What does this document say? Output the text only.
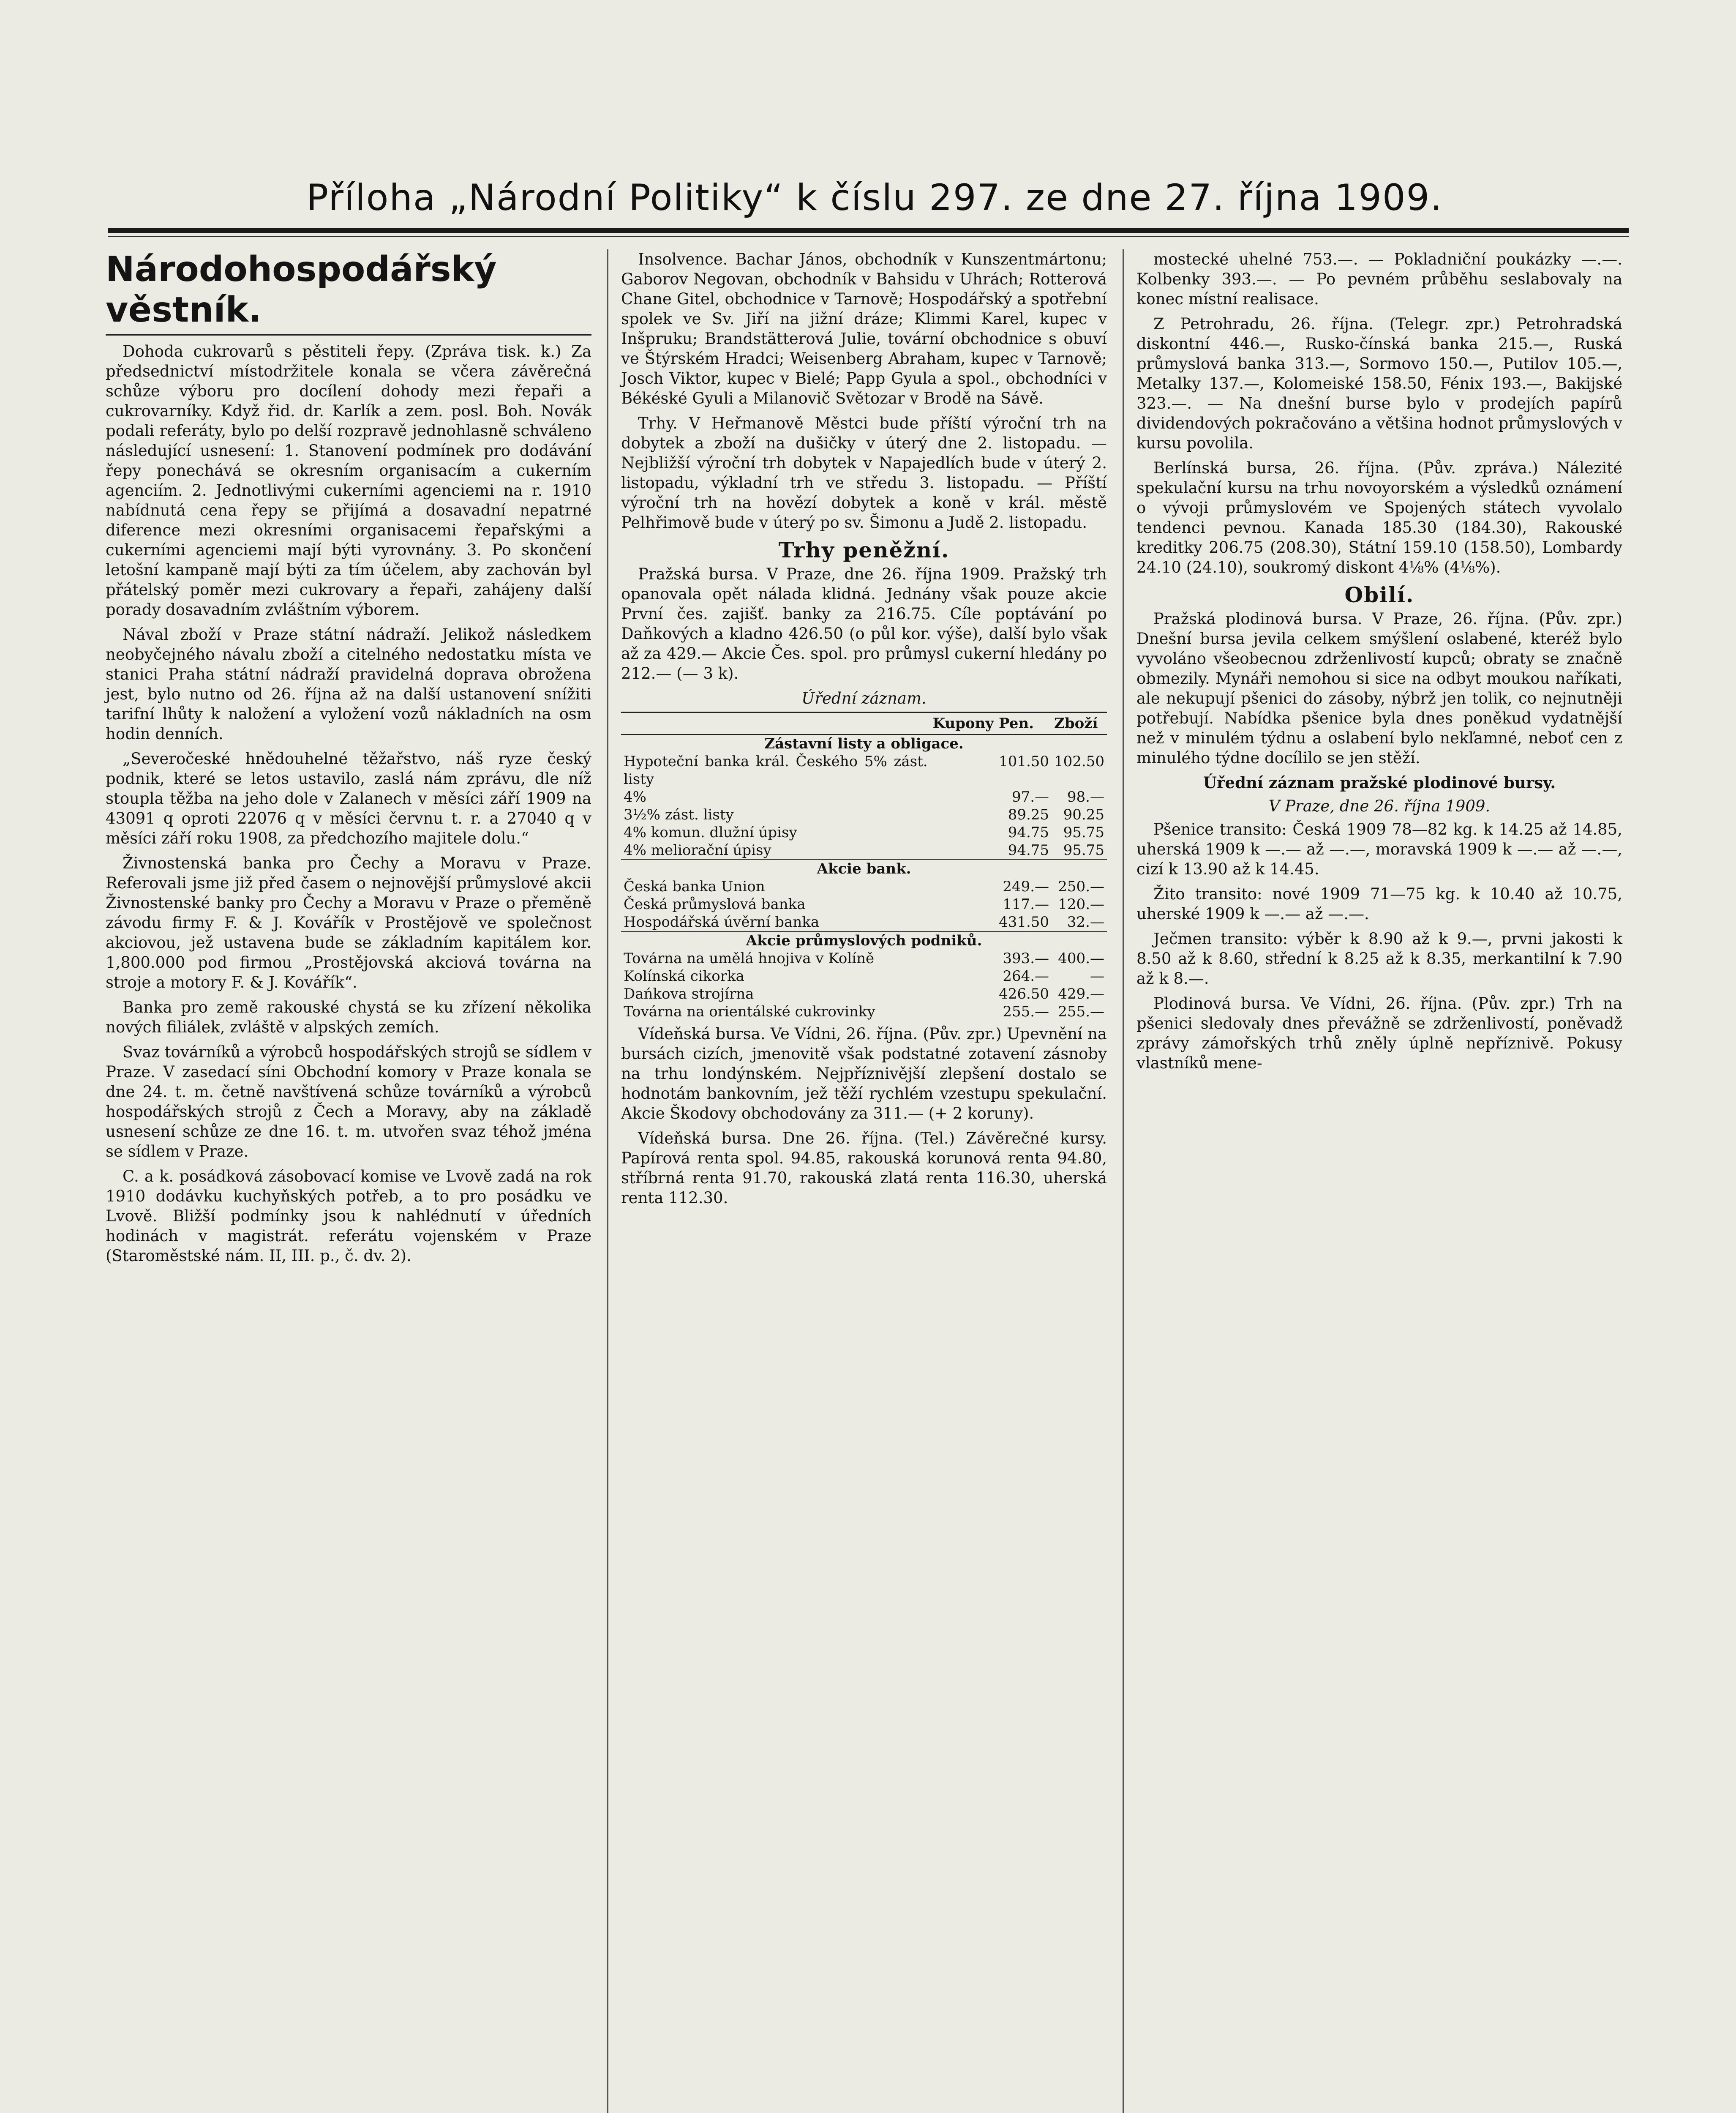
Příloha „Národní Politiky“ k číslu 297. ze dne 27. října 1909.
Národohospodářský věstník.

Dohoda cukrovarů s pěstiteli řepy. (Zpráva tisk. k.) Za předsednictví místodržitele konala se včera závěrečná schůze výboru pro docílení dohody mezi řepaři a cukrovarníky. Když řid. dr. Karlík a zem. posl. Boh. Novák podali referáty, bylo po delší rozpravě jednohlasně schváleno následující usnesení: 1. Stanovení podmínek pro dodávání řepy ponechává se okresním organisacím a cukerním agenciím. 2. Jednotlivými cukerními agenciemi na r. 1910 nabídnutá cena řepy se přijímá a dosavadní nepatrné diference mezi okresními organisacemi řepařskými a cukerními agenciemi mají býti vyrovnány. 3. Po skončení letošní kampaně mají býti za tím účelem, aby zachován byl přátelský poměr mezi cukrovary a řepaři, zahájeny další porady dosavadním zvláštním výborem.

Nával zboží v Praze státní nádraží. Jelikož následkem neobyčejného návalu zboží a citelného nedostatku místa ve stanici Praha státní nádraží pravidelná doprava obrožena jest, bylo nutno od 26. října až na další ustanovení snížiti tarifní lhůty k naložení a vyložení vozů nákladních na osm hodin denních.

„Severočeské hnědouhelné těžařstvo, náš ryze český podnik, které se letos ustavilo, zaslá nám zprávu, dle níž stoupla těžba na jeho dole v Zalanech v měsíci září 1909 na 43091 q oproti 22076 q v měsíci červnu t. r. a 27040 q v měsíci září roku 1908, za předchozího majitele dolu.“

Živnostenská banka pro Čechy a Moravu v Praze. Referovali jsme již před časem o nejnovější průmyslové akcii Živnostenské banky pro Čechy a Moravu v Praze o přeměně závodu firmy F. & J. Kovářík v Prostějově ve společnost akciovou, jež ustavena bude se základním kapitálem kor. 1,800.000 pod firmou „Prostějovská akciová továrna na stroje a motory F. & J. Kovářík“.

Banka pro země rakouské chystá se ku zřízení několika nových filiálek, zvláště v alpských zemích.

Svaz továrníků a výrobců hospodářských strojů se sídlem v Praze. V zasedací síni Obchodní komory v Praze konala se dne 24. t. m. četně navštívená schůze továrníků a výrobců hospodářských strojů z Čech a Moravy, aby na základě usnesení schůze ze dne 16. t. m. utvořen svaz téhož jména se sídlem v Praze.

C. a k. posádková zásobovací komise ve Lvově zadá na rok 1910 dodávku kuchyňských potřeb, a to pro posádku ve Lvově. Bližší podmínky jsou k nahlédnutí v úředních hodinách v magistrát. referátu vojenském v Praze (Staroměstské nám. II, III. p., č. dv. 2).

Insolvence. Bachar János, obchodník v Kunszentmártonu; Gaborov Negovan, obchodník v Bahsidu v Uhrách; Rotterová Chane Gitel, obchodnice v Tarnově; Hospodářský a spotřební spolek ve Sv. Jiří na jižní dráze; Klimmi Karel, kupec v Inšpruku; Brandstätterová Julie, tovární obchodnice s obuví ve Štýrském Hradci; Weisenberg Abraham, kupec v Tarnově; Josch Viktor, kupec v Bielé; Papp Gyula a spol., obchodníci v Békéské Gyuli a Milanovič Světozar v Brodě na Sávě.

Trhy. V Heřmanově Městci bude příští výroční trh na dobytek a zboží na dušičky v úterý dne 2. listopadu. — Nejbližší výroční trh dobytek v Napajedlích bude v úterý 2. listopadu, výkladní trh ve středu 3. listopadu. — Příští výroční trh na hovězí dobytek a koně v král. městě Pelhřimově bude v úterý po sv. Šimonu a Judě 2. listopadu.

Trhy peněžní.

Pražská bursa. V Praze, dne 26. října 1909. Pražský trh opanovala opět nálada klidná. Jednány však pouze akcie První čes. zajišť. banky za 216.75. Cíle poptávání po Daňkových a kladno 426.50 (o půl kor. výše), další bylo však až za 429.— Akcie Čes. spol. pro průmysl cukerní hledány po 212.— (— 3 k).

Úřední záznam.
	Kupony	Pen.	Zboží
Zástavní listy a obligace.			
Hypoteční banka král. Českého 5% zást. listy		101.50	102.50
4%		97.—	98.—
3½% zást. listy		89.25	90.25
4% komun. dlužní úpisy		94.75	95.75
4% meliorační úpisy		94.75	95.75
Akcie bank.			
Česká banka Union		249.—	250.—
Česká průmyslová banka		117.—	120.—
Hospodářská úvěrní banka		431.50	32.—
Akcie průmyslových podniků.			
Továrna na umělá hnojiva v Kolíně		393.—	400.—
Kolínská cikorka		264.—	—
Dańkova strojírna		426.50	429.—
Továrna na orientálské cukrovinky		255.—	255.—

Vídeňská bursa. Ve Vídni, 26. října. (Pův. zpr.) Upevnění na bursách cizích, jmenovitě však podstatné zotavení zásnoby na trhu londýnském. Nejpříznivější zlepšení dostalo se hodnotám bankovním, jež těží rychlém vzestupu spekulační. Akcie Škodovy obchodovány za 311.— (+ 2 koruny).

Vídeňská bursa. Dne 26. října. (Tel.) Závěrečné kursy. Papírová renta spol. 94.85, rakouská korunová renta 94.80, stříbrná renta 91.70, rakouská zlatá renta 116.30, uherská renta 112.30.

mostecké uhelné 753.—. — Pokladniční poukázky —.—. Kolbenky 393.—. — Po pevném průběhu seslabovaly na konec místní realisace.

Z Petrohradu, 26. října. (Telegr. zpr.) Petrohradská diskontní 446.—, Rusko-čínská banka 215.—, Ruská průmyslová banka 313.—, Sormovo 150.—, Putilov 105.—, Metalky 137.—, Kolomeiské 158.50, Fénix 193.—, Bakijské 323.—. — Na dnešní burse bylo v prodejích papírů dividendových pokračováno a většina hodnot průmyslových v kursu povolila.

Berlínská bursa, 26. října. (Pův. zpráva.) Nálezité spekulační kursu na trhu novoyorském a výsledků oznámení o vývoji průmyslovém ve Spojených státech vyvolalo tendenci pevnou. Kanada 185.30 (184.30), Rakouské kreditky 206.75 (208.30), Státní 159.10 (158.50), Lombardy 24.10 (24.10), soukromý diskont 4⅛% (4⅛%).

Obilí.

Pražská plodinová bursa. V Praze, 26. října. (Pův. zpr.) Dnešní bursa jevila celkem smýšlení oslabené, kteréž bylo vyvoláno všeobecnou zdrženlivostí kupců; obraty se značně obmezily. Mynáři nemohou si sice na odbyt moukou naříkati, ale nekupují pšenici do zásoby, nýbrž jen tolik, co nejnutněji potřebují. Nabídka pšenice byla dnes poněkud vydatnější než v minulém týdnu a oslabení bylo nekľamné, neboť cen z minulého týdne docílilo se jen stěží.

Úřední záznam pražské plodinové bursy.
V Praze, dne 26. října 1909.

Pšenice transito: Česká 1909 78—82 kg. k 14.25 až 14.85, uherská 1909 k —.— až —.—, moravská 1909 k —.— až —.—, cizí k 13.90 až k 14.45.

Žito transito: nové 1909 71—75 kg. k 10.40 až 10.75, uherské 1909 k —.— až —.—.

Ječmen transito: výběr k 8.90 až k 9.—, prvni jakosti k 8.50 až k 8.60, střední k 8.25 až k 8.35, merkantilní k 7.90 až k 8.—.

Plodinová bursa. Ve Vídni, 26. října. (Pův. zpr.) Trh na pšenici sledovaly dnes převážně se zdrženlivostí, poněvadž zprávy zámořských trhů zněly úplně nepříznivě. Pokusy vlastníků mene-
